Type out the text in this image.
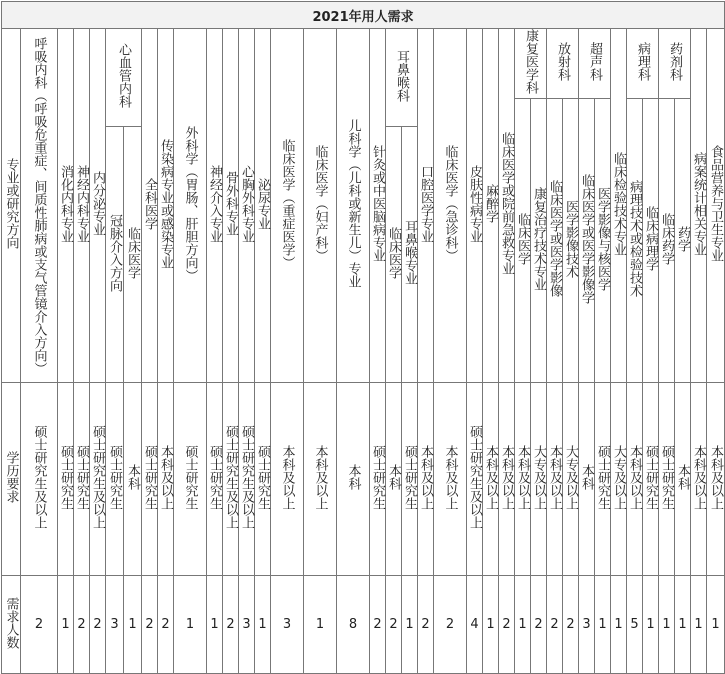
2021年用人需求																																					
专业或研究方向	呼吸内科（呼吸危重症、间质性肺病或支气管镜介入方向）	消化内科专业	神经内科专业	内分泌专业	心血管内科		全科医学	传染病专业或感染专业	外科学（胃肠、肝胆方向）	神经介入专业	骨外科专业	心胸外科专业	泌尿专业	临床医学（重症医学）	临床医学（妇产科）	儿科学（儿科或新生儿）专业	针灸或中医脑病专业	耳鼻喉科		口腔医学专业	临床医学（急诊科）	皮肤性病专业	麻醉学	临床医学或院前急救专业	康复医学科		放射科		超声科		临床检验技术专业	病理科		药剂科		病案统计相关专业	食品营养与卫生专业
																									临床医学	康复治疗技术专业	临床医学或医学影像	医学影像技术	临床医学或医学影像学	医学影像与核医学		病理技术或检验技术	临床病理学	临床药学	药学		
					冠脉介入方向	临床医学												临床医学	耳鼻喉专业																		
学历要求	硕士研究生及以上	硕士研究生	硕士研究生	硕士研究生及以上	硕士研究生	本科	硕士研究生	本科及以上	硕士研究生	硕士研究生	硕士研究生及以上	硕士研究生及以上	硕士研究生	本科及以上	本科及以上	本科	硕士研究生	本科	硕士研究生	本科及以上	本科及以上	硕士研究生及以上	本科及以上	本科及以上	本科及以上	大专及以上	本科及以上	大专及以上	本科	硕士研究生	大专及以上	本科及以上	硕士研究生	硕士研究生	本科	本科及以上	本科及以上
需求人数	2	1	2	2	3	1	2	2	1	1	2	3	1	3	1	8	2	2	1	2	2	4	1	2	1	2	2	2	3	1	1	5	1	1	1	1	1
